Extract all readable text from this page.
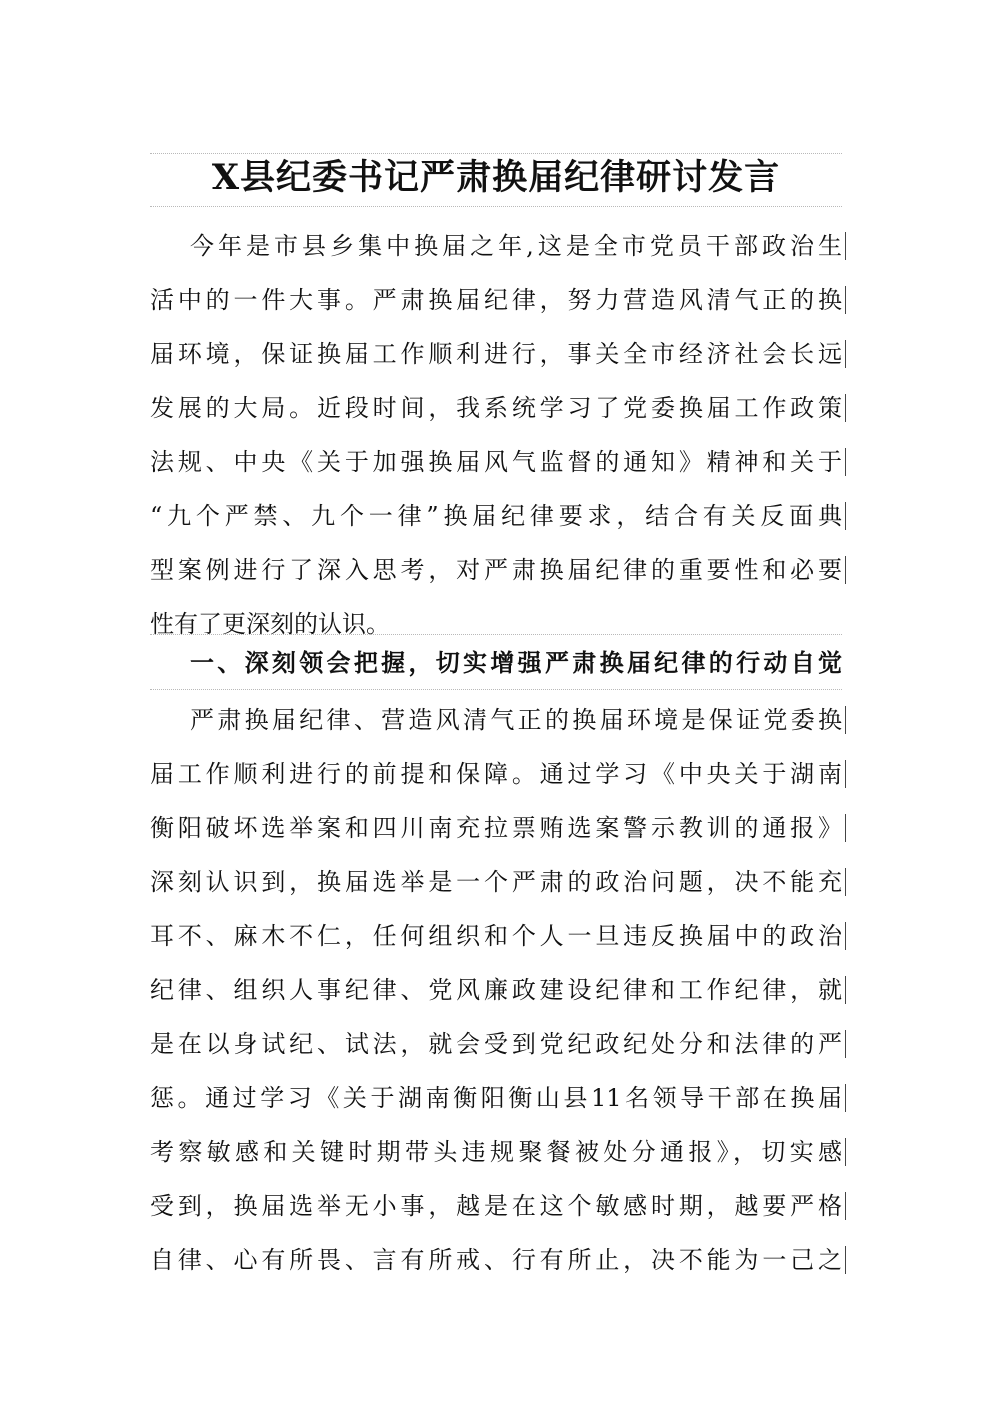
X县纪委书记严肃换届纪律研讨发言
今年是市县乡集中换届之年,这是全市党员干部政治生
活中的一件大事。严肃换届纪律，努力营造风清气正的换
届环境，保证换届工作顺利进行，事关全市经济社会长远
发展的大局。近段时间，我系统学习了党委换届工作政策
法规、中央《关于加强换届风气监督的通知》精神和关于
“九个严禁、九个一律”换届纪律要求，结合有关反面典
型案例进行了深入思考，对严肃换届纪律的重要性和必要
性有了更深刻的认识。
一、深刻领会把握，切实增强严肃换届纪律的行动自觉
严肃换届纪律、营造风清气正的换届环境是保证党委换
届工作顺利进行的前提和保障。通过学习《中央关于湖南
衡阳破坏选举案和四川南充拉票贿选案警示教训的通报》
深刻认识到，换届选举是一个严肃的政治问题，决不能充
耳不、麻木不仁，任何组织和个人一旦违反换届中的政治
纪律、组织人事纪律、党风廉政建设纪律和工作纪律，就
是在以身试纪、试法，就会受到党纪政纪处分和法律的严
惩。通过学习《关于湖南衡阳衡山县11名领导干部在换届
考察敏感和关键时期带头违规聚餐被处分通报》，切实感
受到，换届选举无小事，越是在这个敏感时期，越要严格
自律、心有所畏、言有所戒、行有所止，决不能为一己之
